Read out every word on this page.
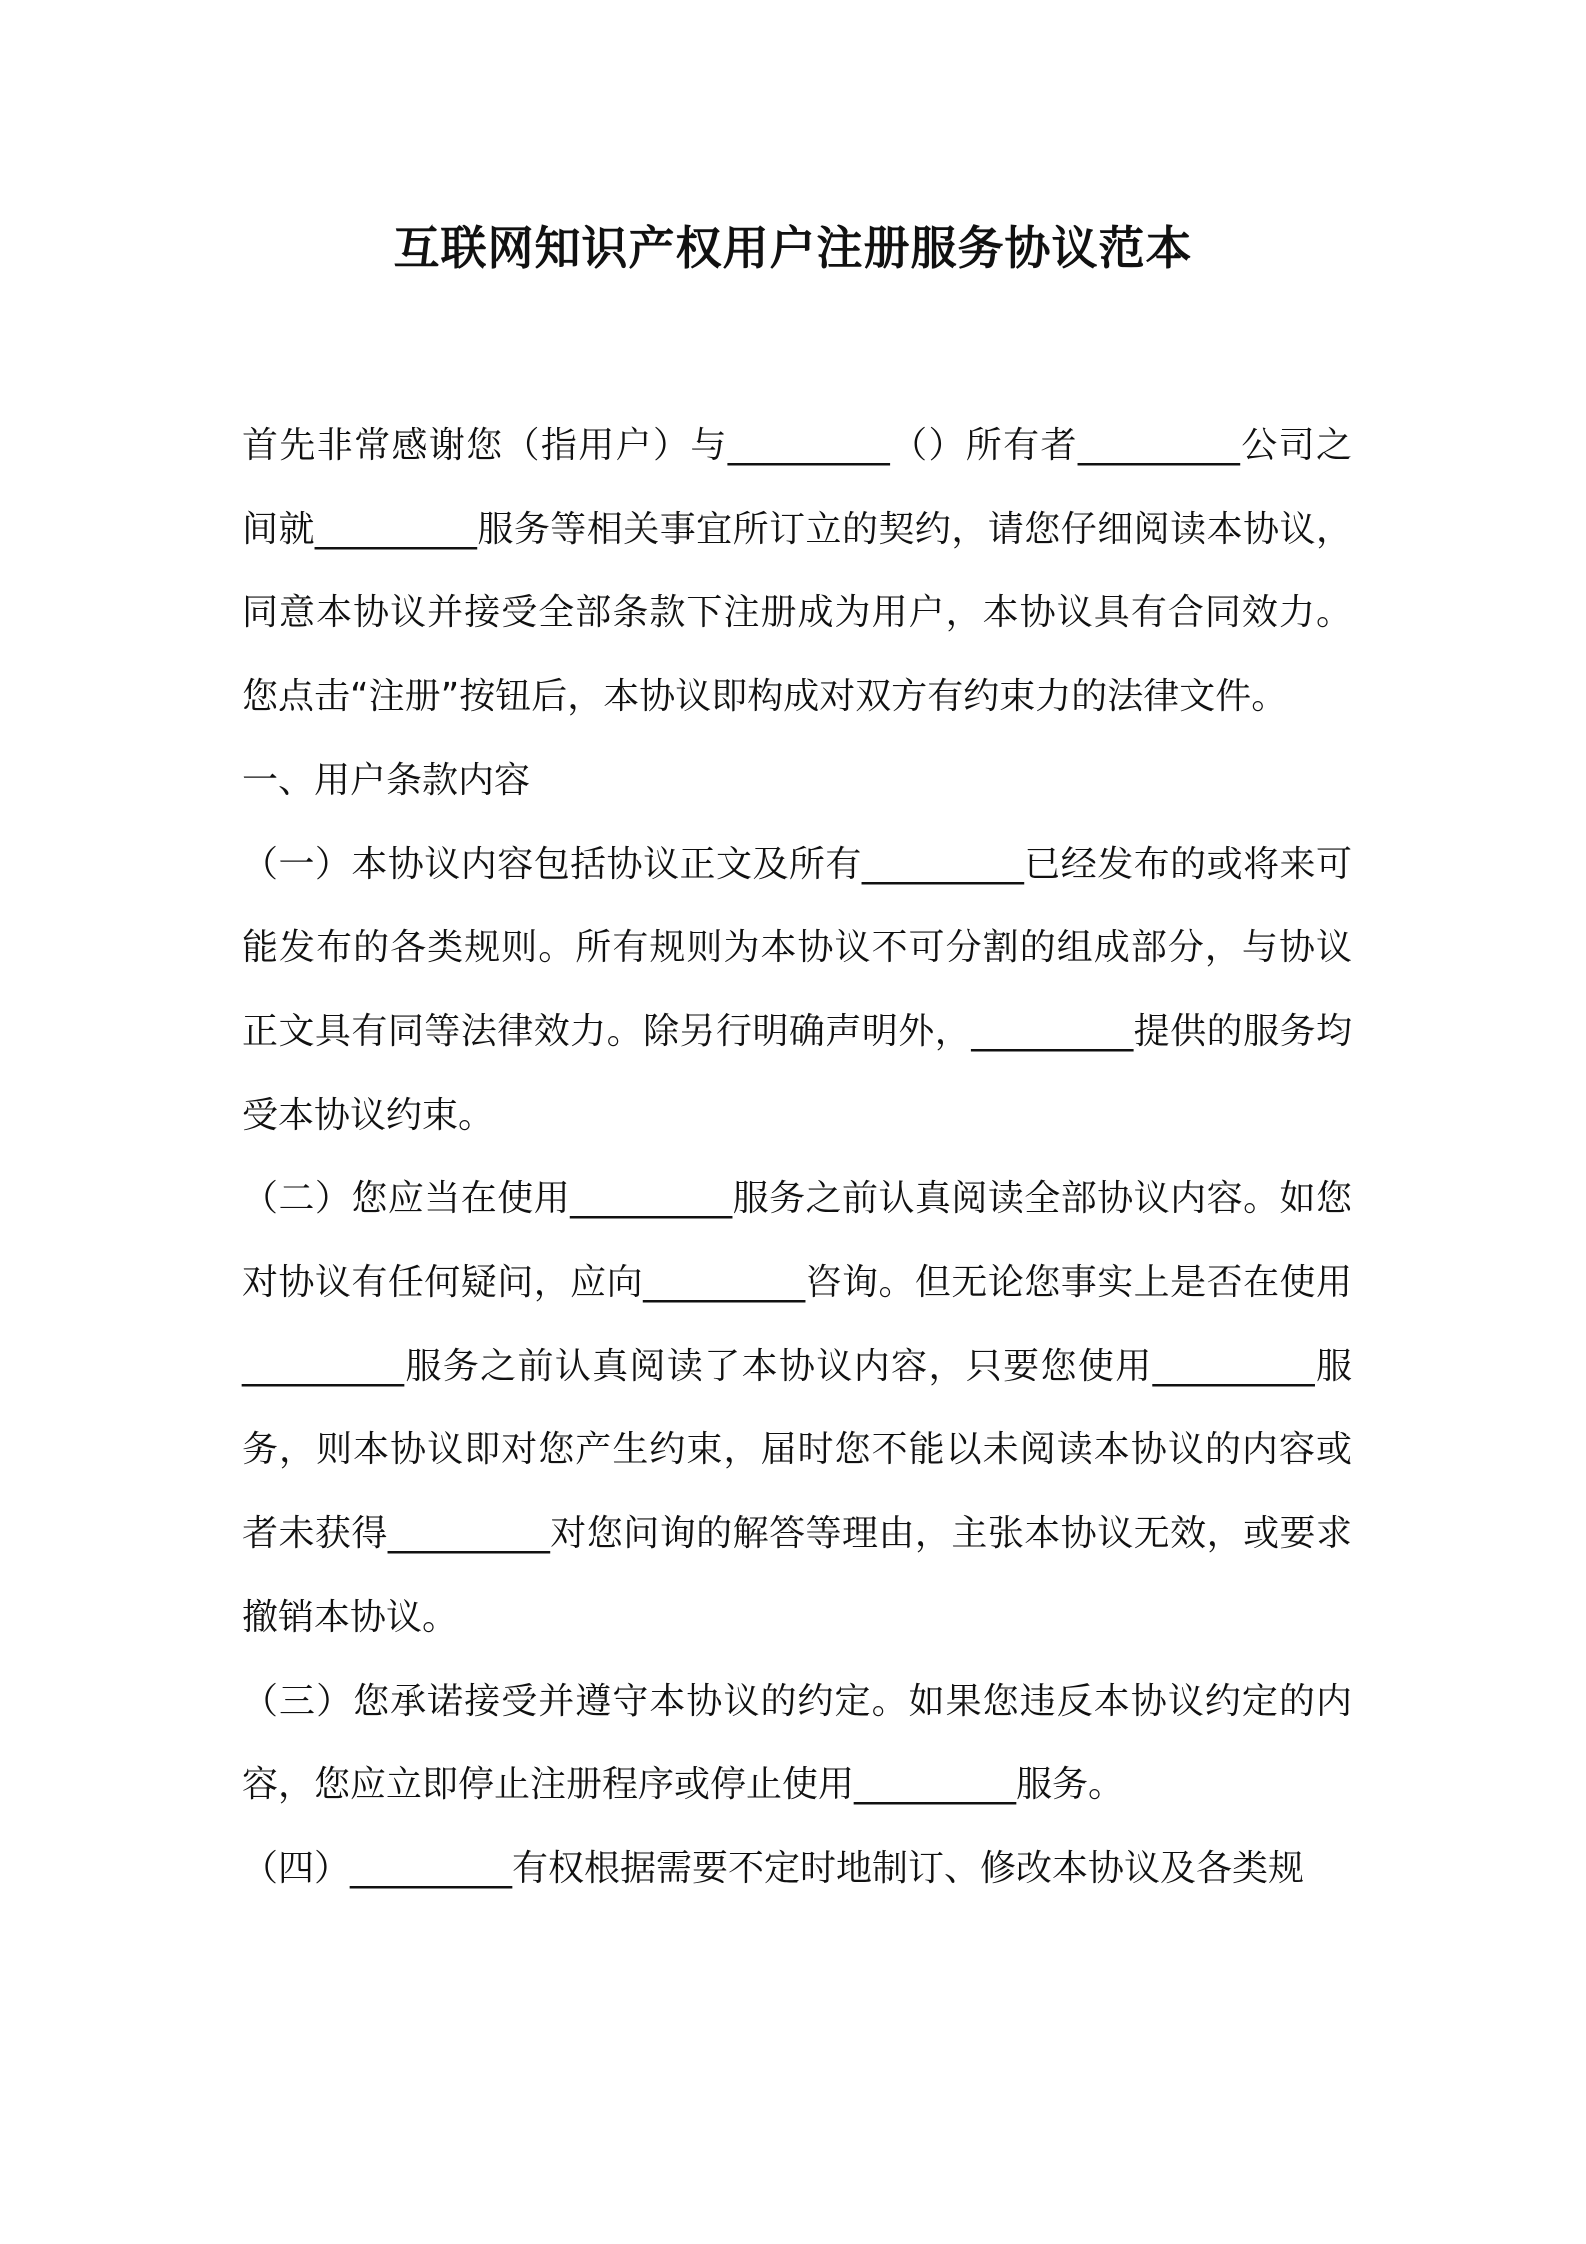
互联网知识产权用户注册服务协议范本

首先非常感谢您（指用户）与_________（）所有者_________公司之间就_________服务等相关事宜所订立的契约，请您仔细阅读本协议，同意本协议并接受全部条款下注册成为用户，本协议具有合同效力。您点击“注册”按钮后，本协议即构成对双方有约束力的法律文件。

一、用户条款内容

（一）本协议内容包括协议正文及所有_________已经发布的或将来可能发布的各类规则。所有规则为本协议不可分割的组成部分，与协议正文具有同等法律效力。除另行明确声明外，_________提供的服务均受本协议约束。

（二）您应当在使用_________服务之前认真阅读全部协议内容。如您对协议有任何疑问，应向_________咨询。但无论您事实上是否在使用_________服务之前认真阅读了本协议内容，只要您使用_________服务，则本协议即对您产生约束，届时您不能以未阅读本协议的内容或者未获得_________对您问询的解答等理由，主张本协议无效，或要求撤销本协议。

（三）您承诺接受并遵守本协议的约定。如果您违反本协议约定的内容，您应立即停止注册程序或停止使用_________服务。

（四）_________有权根据需要不定时地制订、修改本协议及各类规
